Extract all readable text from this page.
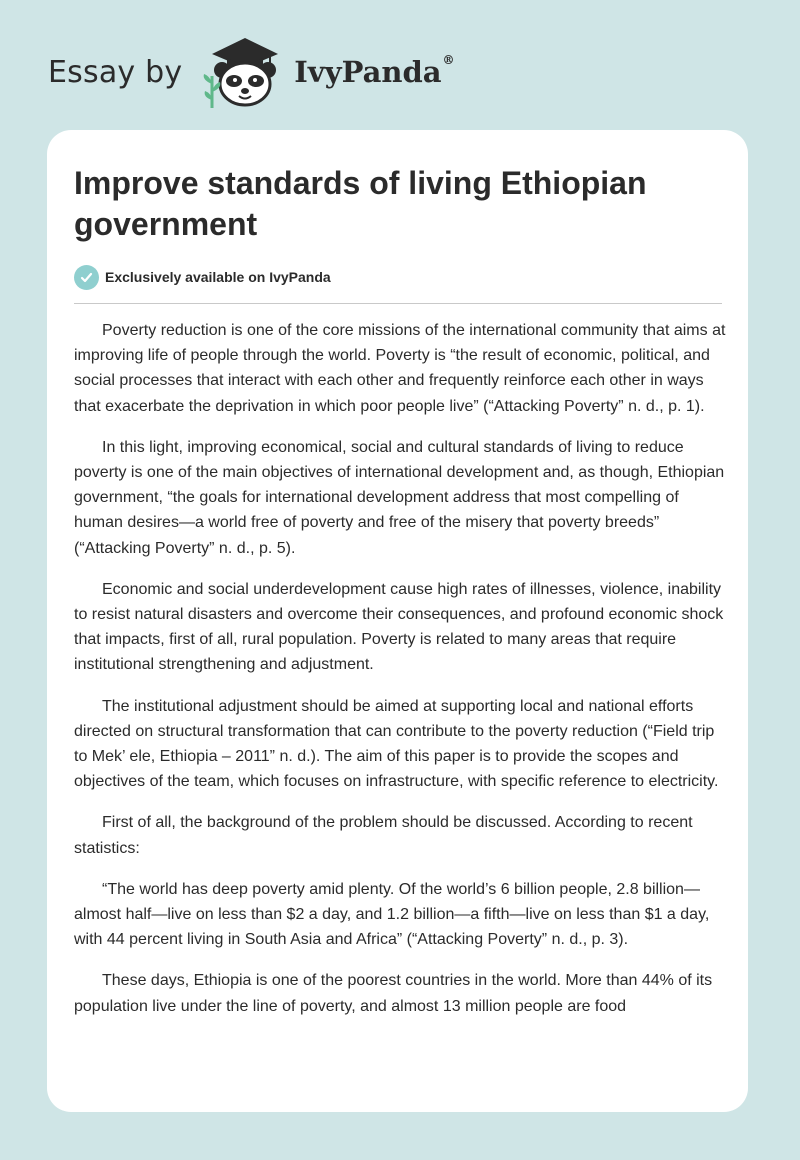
Essay by	IvyPanda ®
Improve standards of living Ethiopian government
Exclusively available on IvyPanda

Poverty reduction is one of the core missions of the international community that aims at improving life of people through the world. Poverty is “the result of economic, political, and social processes that interact with each other and frequently reinforce each other in ways that exacerbate the deprivation in which poor people live” (“Attacking Poverty” n. d., p. 1).

In this light, improving economical, social and cultural standards of living to reduce poverty is one of the main objectives of international development and, as though, Ethiopian government, “the goals for international development address that most compelling of human desires—a world free of poverty and free of the misery that poverty breeds” (“Attacking Poverty” n. d., p. 5).

Economic and social underdevelopment cause high rates of illnesses, violence, inability to resist natural disasters and overcome their consequences, and profound economic shock that impacts, first of all, rural population. Poverty is related to many areas that require institutional strengthening and adjustment.

The institutional adjustment should be aimed at supporting local and national efforts directed on structural transformation that can contribute to the poverty reduction (“Field trip to Mek’ ele, Ethiopia – 2011” n. d.). The aim of this paper is to provide the scopes and objectives of the team, which focuses on infrastructure, with specific reference to electricity.

First of all, the background of the problem should be discussed. According to recent statistics:

“The world has deep poverty amid plenty. Of the world’s 6 billion people, 2.8 billion—almost half—live on less than $2 a day, and 1.2 billion—a fifth—live on less than $1 a day, with 44 percent living in South Asia and Africa” (“Attacking Poverty” n. d., p. 3).

These days, Ethiopia is one of the poorest countries in the world. More than 44% of its population live under the line of poverty, and almost 13 million people are food
